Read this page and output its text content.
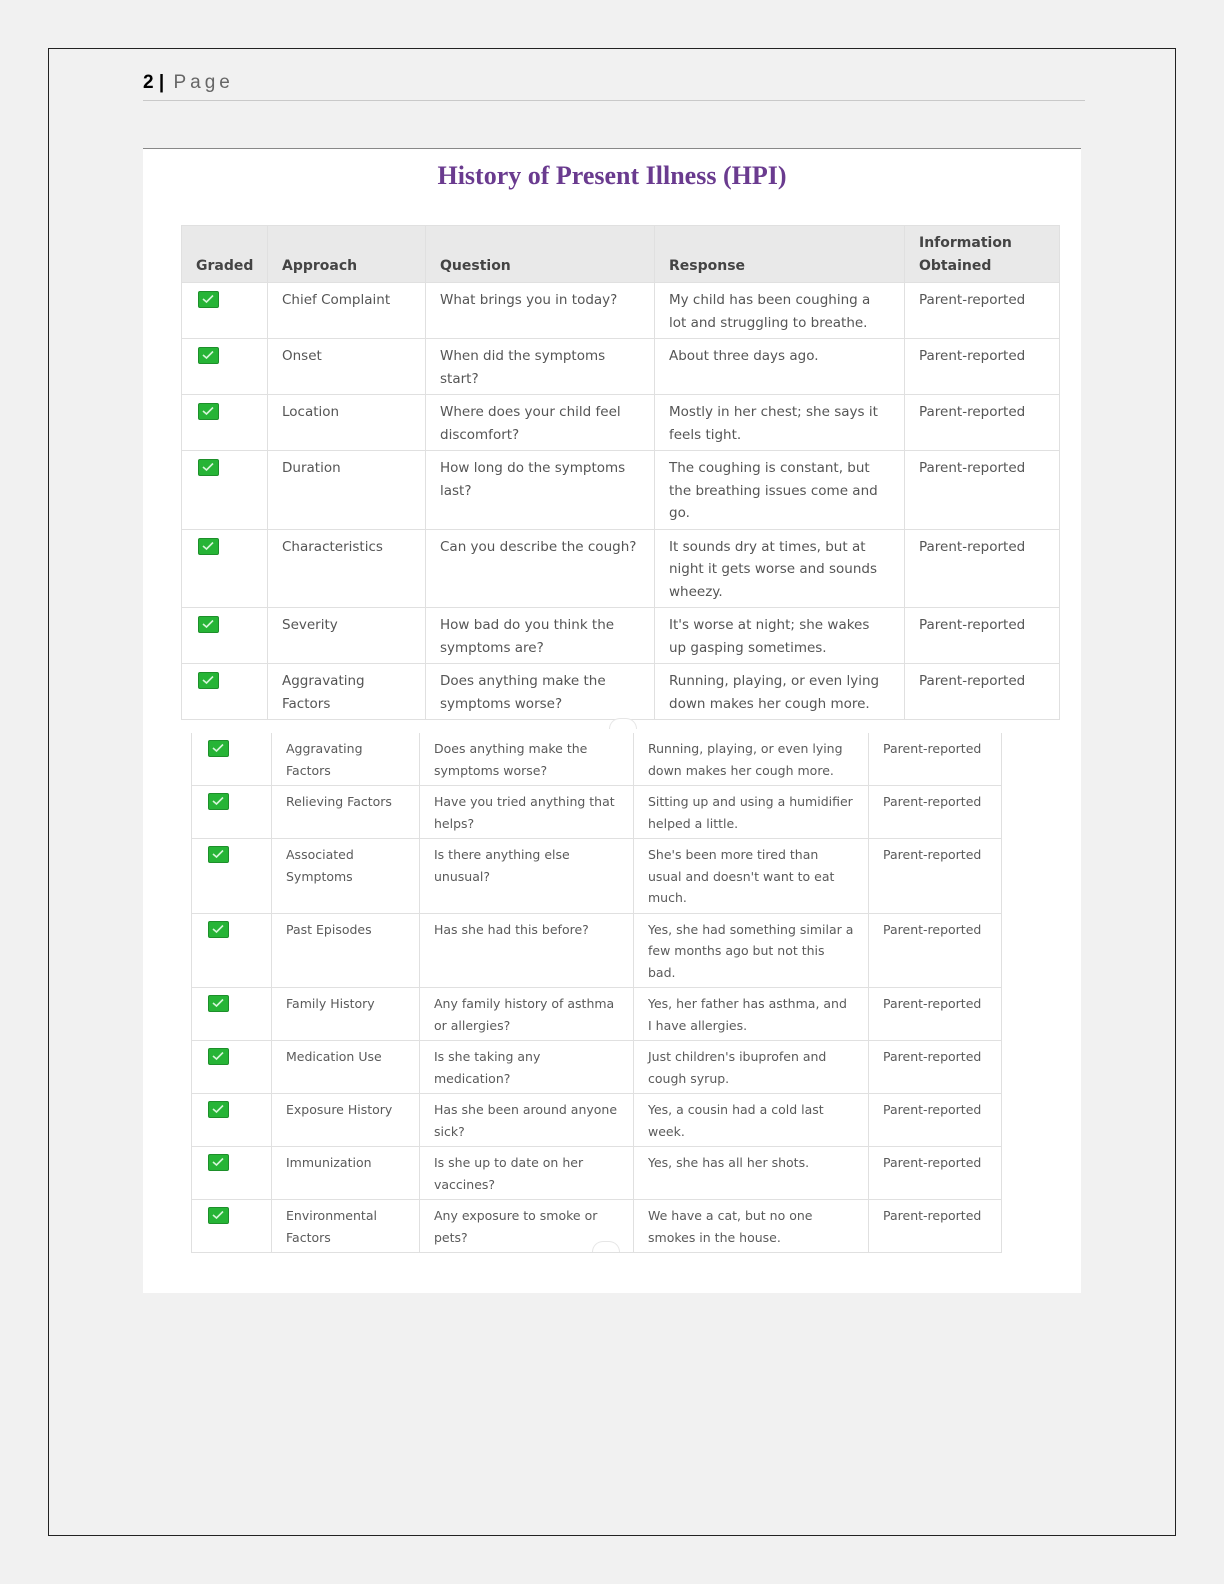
2 | Page
History of Present Illness (HPI)
Graded	Approach	Question	Response	Information Obtained

	Chief Complaint	What brings you in today?	My child has been coughing a lot and struggling to breathe.	Parent-reported

	Onset	When did the symptoms start?	About three days ago.	Parent-reported

	Location	Where does your child feel discomfort?	Mostly in her chest; she says it feels tight.	Parent-reported

	Duration	How long do the symptoms last?	The coughing is constant, but the breathing issues come and go.	Parent-reported

	Characteristics	Can you describe the cough?	It sounds dry at times, but at night it gets worse and sounds wheezy.	Parent-reported

	Severity	How bad do you think the symptoms are?	It's worse at night; she wakes up gasping sometimes.	Parent-reported

	Aggravating Factors	Does anything make the symptoms worse?	Running, playing, or even lying down makes her cough more.	Parent-reported
	Aggravating Factors	Does anything make the symptoms worse?	Running, playing, or even lying down makes her cough more.	Parent-reported

	Relieving Factors	Have you tried anything that helps?	Sitting up and using a humidifier helped a little.	Parent-reported

	Associated Symptoms	Is there anything else unusual?	She's been more tired than usual and doesn't want to eat much.	Parent-reported

	Past Episodes	Has she had this before?	Yes, she had something similar a few months ago but not this bad.	Parent-reported

	Family History	Any family history of asthma or allergies?	Yes, her father has asthma, and I have allergies.	Parent-reported

	Medication Use	Is she taking any medication?	Just children's ibuprofen and cough syrup.	Parent-reported

	Exposure History	Has she been around anyone sick?	Yes, a cousin had a cold last week.	Parent-reported

	Immunization	Is she up to date on her vaccines?	Yes, she has all her shots.	Parent-reported

	Environmental Factors	Any exposure to smoke or pets?	We have a cat, but no one smokes in the house.	Parent-reported
